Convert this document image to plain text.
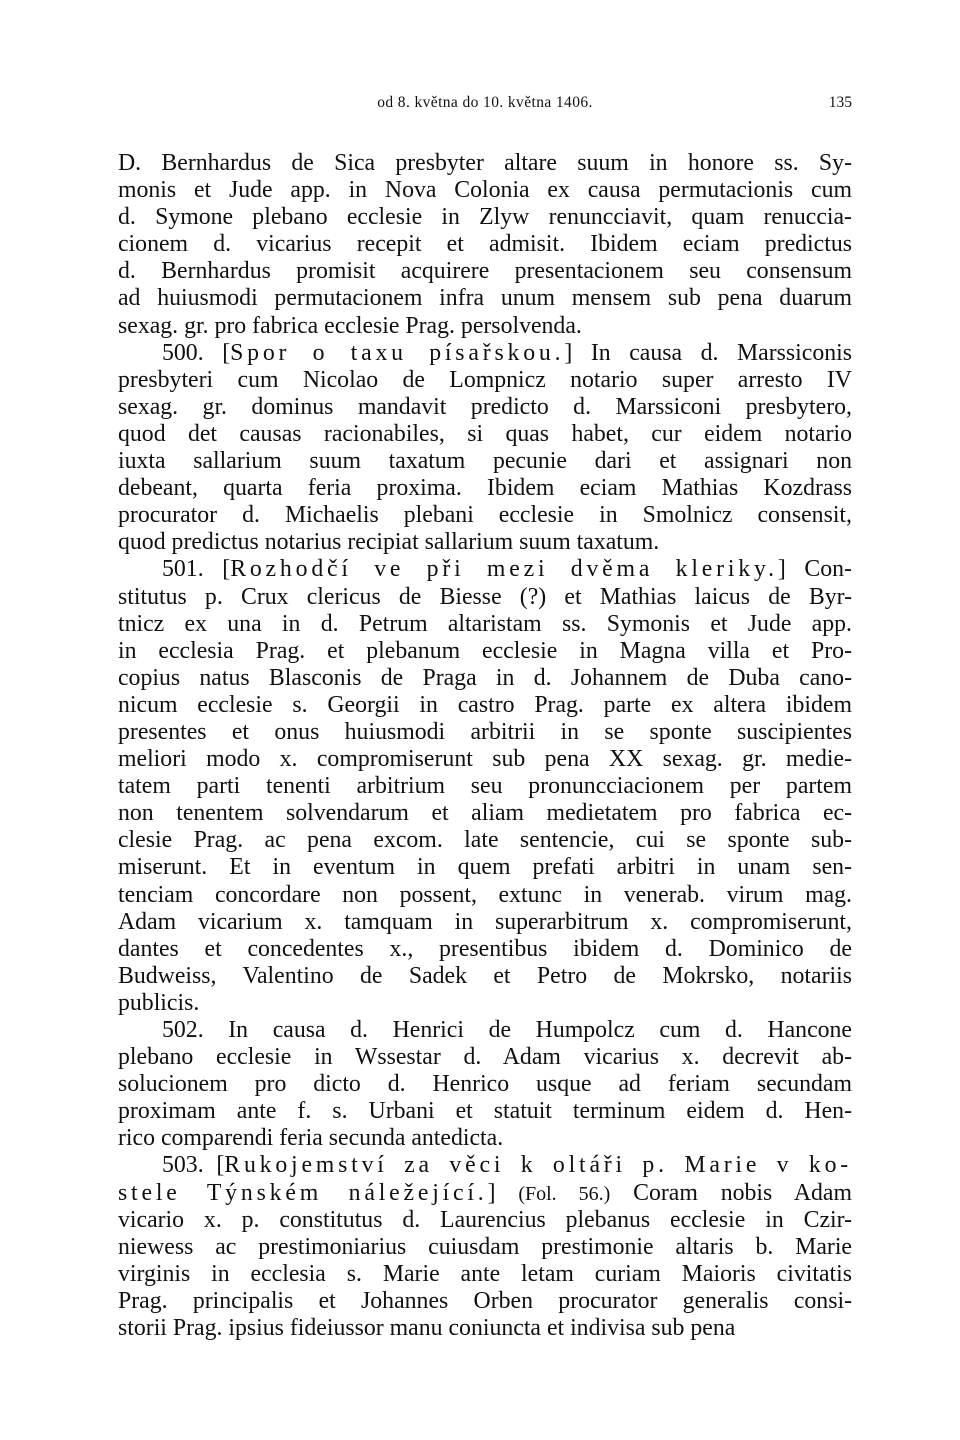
od 8. května do 10. května 1406.	135
D. Bernhardus de Sica presbyter altare suum in honore ss. Sy-
monis et Jude app. in Nova Colonia ex causa permutacionis cum
d. Symone plebano ecclesie in Zlyw renuncciavit, quam renuccia-
cionem d. vicarius recepit et admisit. Ibidem eciam predictus
d. Bernhardus promisit acquirere presentacionem seu consensum
ad huiusmodi permutacionem infra unum mensem sub pena duarum
sexag. gr. pro fabrica ecclesie Prag. persolvenda.
500. [Spor o taxu písařskou.] In causa d. Marssiconis
presbyteri cum Nicolao de Lompnicz notario super arresto IV
sexag. gr. dominus mandavit predicto d. Marssiconi presbytero,
quod det causas racionabiles, si quas habet, cur eidem notario
iuxta sallarium suum taxatum pecunie dari et assignari non
debeant, quarta feria proxima. Ibidem eciam Mathias Kozdrass
procurator d. Michaelis plebani ecclesie in Smolnicz consensit,
quod predictus notarius recipiat sallarium suum taxatum.
501. [Rozhodčí ve při mezi dvěma kleriky.] Con-
stitutus p. Crux clericus de Biesse (?) et Mathias laicus de Byr-
tnicz ex una in d. Petrum altaristam ss. Symonis et Jude app.
in ecclesia Prag. et plebanum ecclesie in Magna villa et Pro-
copius natus Blasconis de Praga in d. Johannem de Duba cano-
nicum ecclesie s. Georgii in castro Prag. parte ex altera ibidem
presentes et onus huiusmodi arbitrii in se sponte suscipientes
meliori modo x. compromiserunt sub pena XX sexag. gr. medie-
tatem parti tenenti arbitrium seu pronuncciacionem per partem
non tenentem solvendarum et aliam medietatem pro fabrica ec-
clesie Prag. ac pena excom. late sentencie, cui se sponte sub-
miserunt. Et in eventum in quem prefati arbitri in unam sen-
tenciam concordare non possent, extunc in venerab. virum mag.
Adam vicarium x. tamquam in superarbitrum x. compromiserunt,
dantes et concedentes x., presentibus ibidem d. Dominico de
Budweiss, Valentino de Sadek et Petro de Mokrsko, notariis
publicis.
502. In causa d. Henrici de Humpolcz cum d. Hancone
plebano ecclesie in Wssestar d. Adam vicarius x. decrevit ab-
solucionem pro dicto d. Henrico usque ad feriam secundam
proximam ante f. s. Urbani et statuit terminum eidem d. Hen-
rico comparendi feria secunda antedicta.
503. [Rukojemství za věci k oltáři p. Marie v ko-
stele Týnském náležející.] (Fol. 56.) Coram nobis Adam
vicario x. p. constitutus d. Laurencius plebanus ecclesie in Czir-
niewess ac prestimoniarius cuiusdam prestimonie altaris b. Marie
virginis in ecclesia s. Marie ante letam curiam Maioris civitatis
Prag. principalis et Johannes Orben procurator generalis consi-
storii Prag. ipsius fideiussor manu coniuncta et indivisa sub pena
